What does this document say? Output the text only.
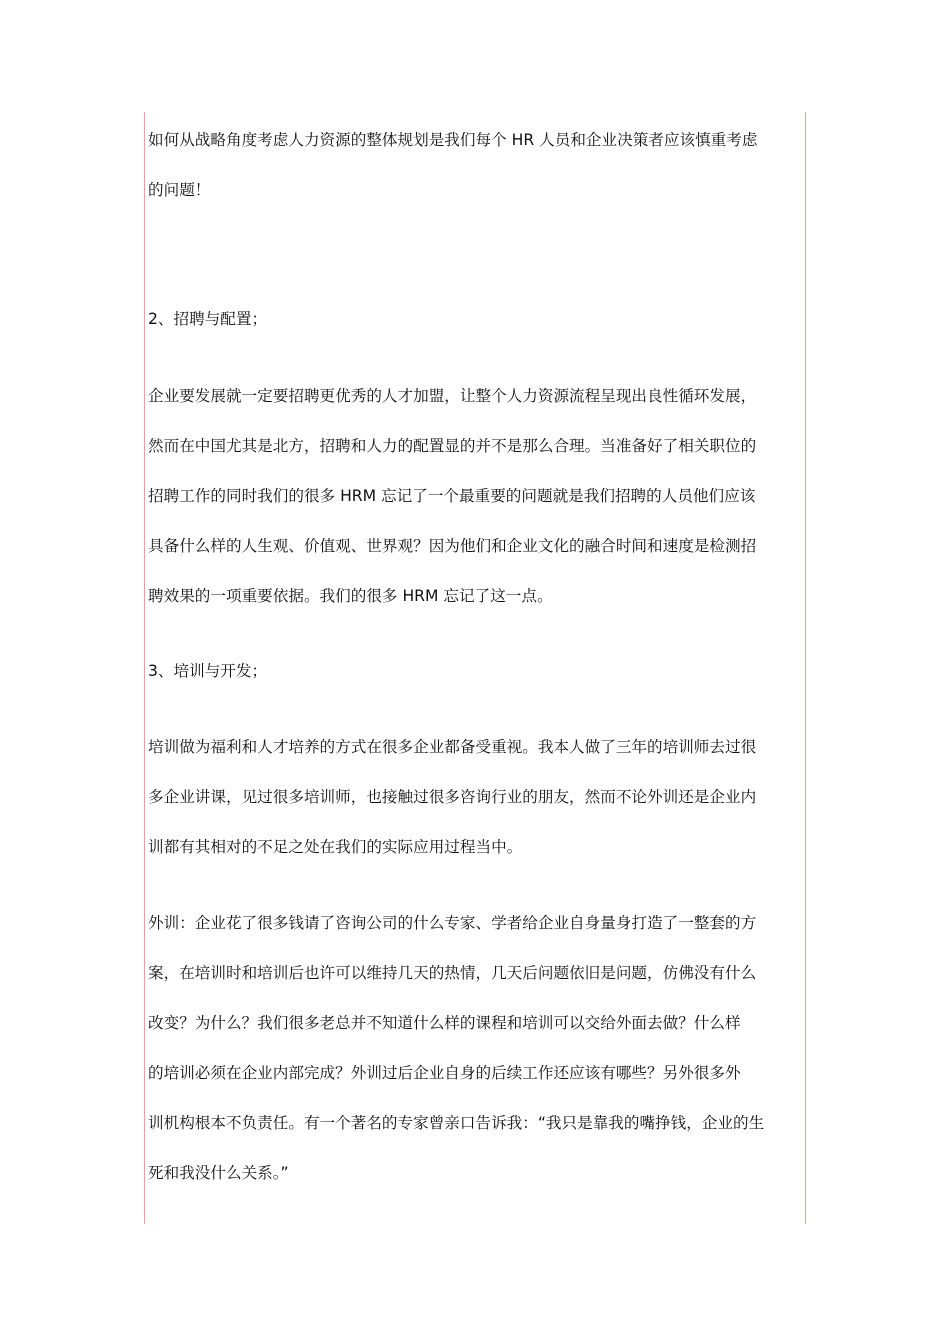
如何从战略角度考虑人力资源的整体规划是我们每个 HR 人员和企业决策者应该慎重考虑
的问题！
2、招聘与配置；
企业要发展就一定要招聘更优秀的人才加盟，让整个人力资源流程呈现出良性循环发展，
然而在中国尤其是北方，招聘和人力的配置显的并不是那么合理。当准备好了相关职位的
招聘工作的同时我们的很多 HRM 忘记了一个最重要的问题就是我们招聘的人员他们应该
具备什么样的人生观、价值观、世界观？因为他们和企业文化的融合时间和速度是检测招
聘效果的一项重要依据。我们的很多 HRM 忘记了这一点。
3、培训与开发；
培训做为福利和人才培养的方式在很多企业都备受重视。我本人做了三年的培训师去过很
多企业讲课，见过很多培训师，也接触过很多咨询行业的朋友，然而不论外训还是企业内
训都有其相对的不足之处在我们的实际应用过程当中。
外训：企业花了很多钱请了咨询公司的什么专家、学者给企业自身量身打造了一整套的方
案，在培训时和培训后也许可以维持几天的热情，几天后问题依旧是问题，仿佛没有什么
改变？为什么？我们很多老总并不知道什么样的课程和培训可以交给外面去做？什么样
的培训必须在企业内部完成？外训过后企业自身的后续工作还应该有哪些？另外很多外
训机构根本不负责任。有一个著名的专家曾亲口告诉我：“我只是靠我的嘴挣钱，企业的生
死和我没什么关系。”
